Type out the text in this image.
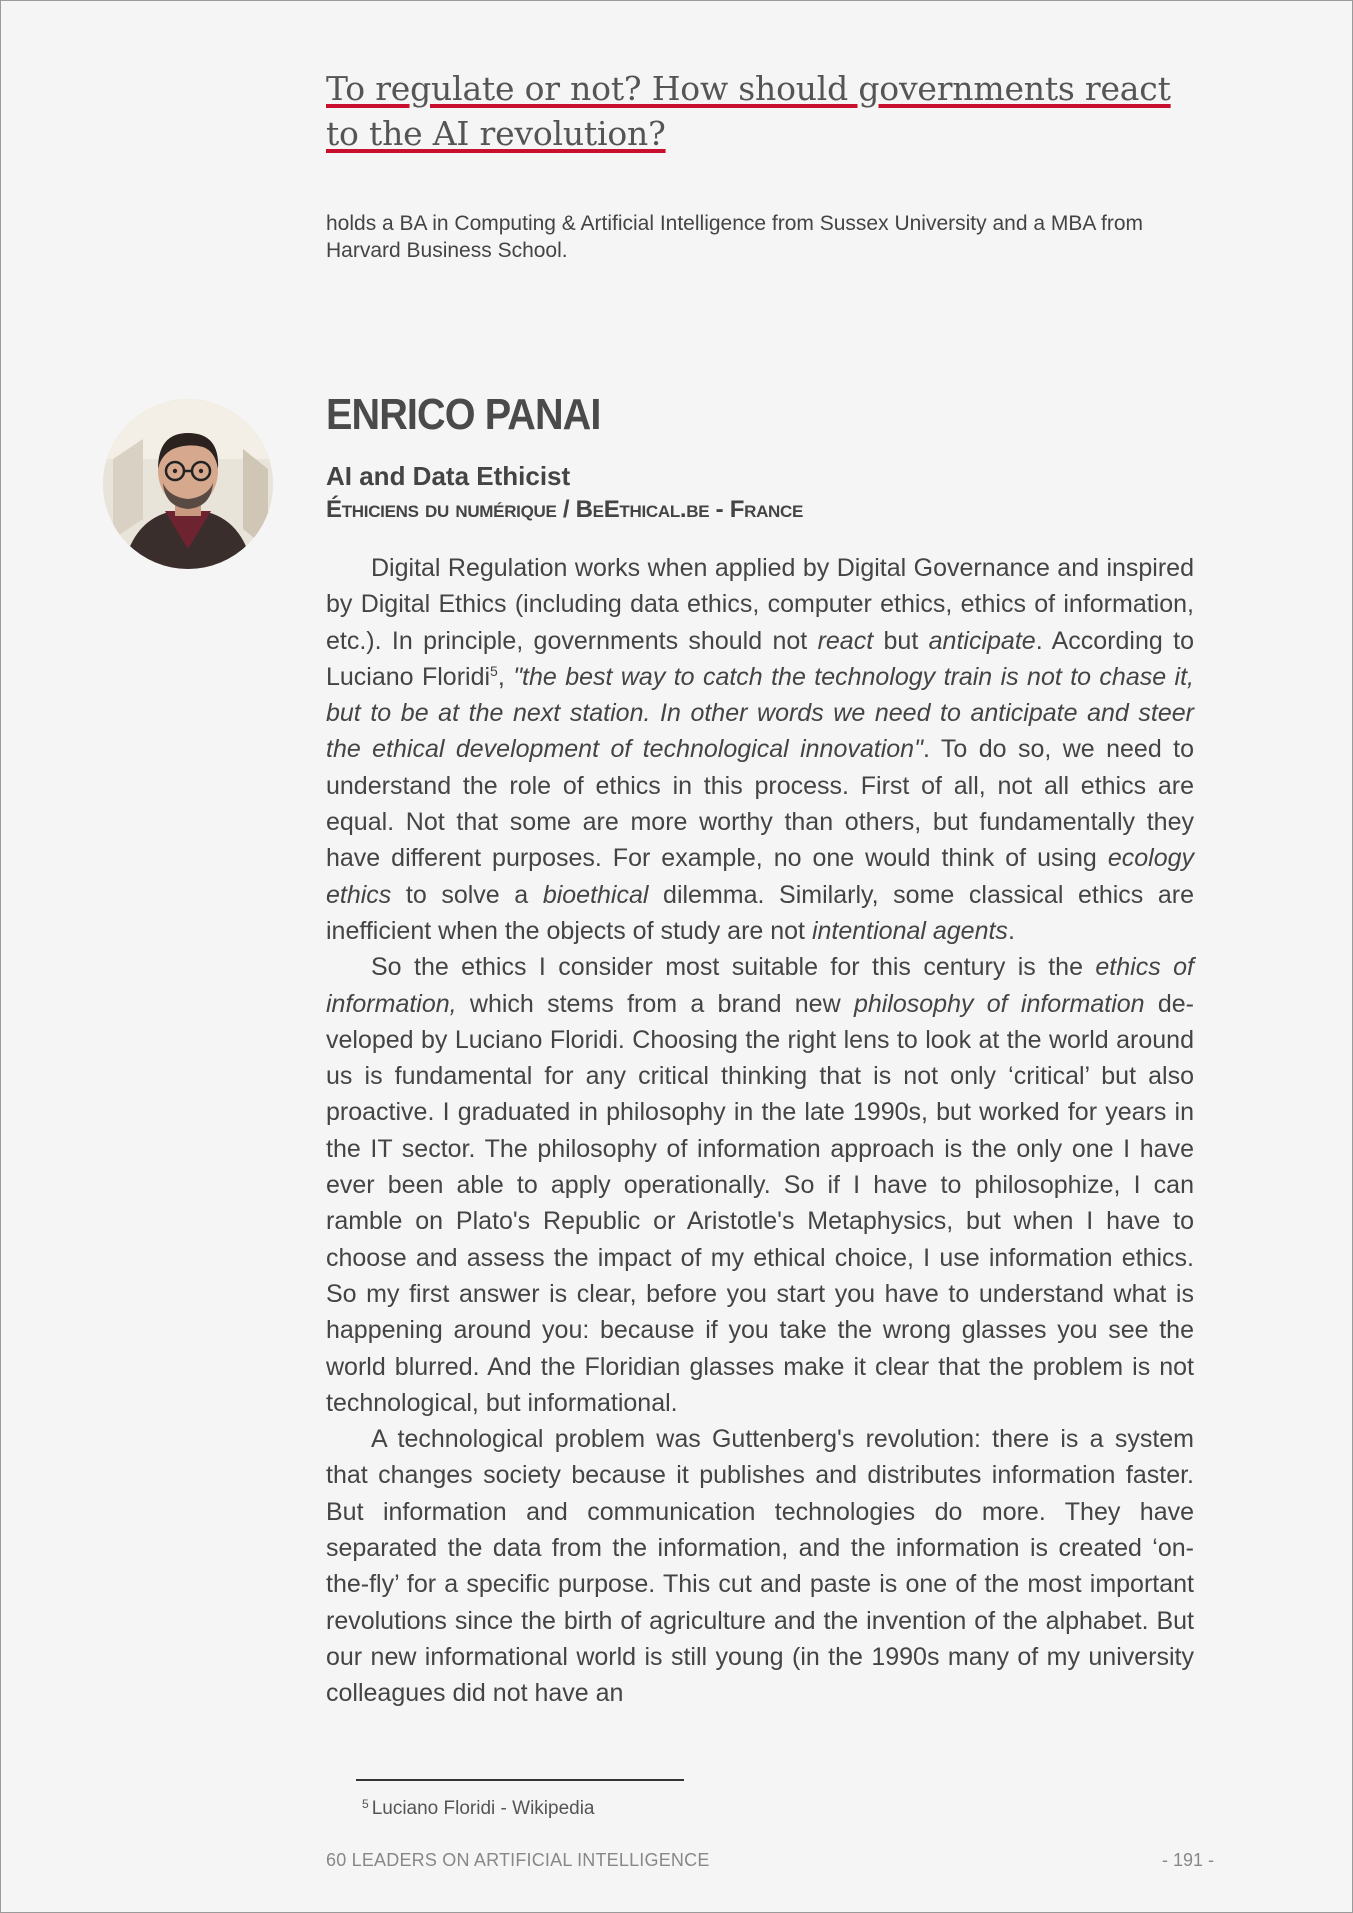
To regulate or not? How should governments react to the AI revolution?

holds a BA in Computing & Artificial Intelligence from Sussex University and a MBA from Harvard Business School.

ENRICO PANAI
AI and Data Ethicist
Éthiciens du numérique / BeEthical.be - France

Digital Regulation works when applied by Digital Governance and inspired by Digital Ethics (including data ethics, computer ethics, ethics of information, etc.). In principle, governments should not react but anticipate. According to Luciano Floridi$^5$, "the best way to catch the technology train is not to chase it, but to be at the next station. In other words we need to anticipate and steer the ethical development of technological innovation". To do so, we need to understand the role of ethics in this process. First of all, not all ethics are equal. Not that some are more worthy than others, but fundamentally they have different purposes. For example, no one would think of using ecology ethics to solve a bioethical dilemma. Similarly, some classical ethics are inefficient when the objects of study are not intentional agents.

So the ethics I consider most suitable for this century is the ethics of information, which stems from a brand new philosophy of information developed by Luciano Floridi. Choosing the right lens to look at the world around us is fundamental for any critical thinking that is not only ‘critical’ but also proactive. I graduated in philosophy in the late 1990s, but worked for years in the IT sector. The philosophy of information approach is the only one I have ever been able to apply operationally. So if I have to philosophize, I can ramble on Plato's Republic or Aristotle's Metaphysics, but when I have to choose and assess the impact of my ethical choice, I use information ethics. So my first answer is clear, before you start you have to understand what is happening around you: because if you take the wrong glasses you see the world blurred. And the Floridian glasses make it clear that the problem is not technological, but informational.

A technological problem was Guttenberg's revolution: there is a system that changes society because it publishes and distributes information faster. But information and communication technologies do more. They have separated the data from the information, and the information is created ‘on-the-fly’ for a specific purpose. This cut and paste is one of the most important revolutions since the birth of agriculture and the invention of the alphabet. But our new informational world is still young (in the 1990s many of my university colleagues did not have an

$^5$ Luciano Floridi - Wikipedia
60 LEADERS ON ARTIFICIAL INTELLIGENCE	- 191 -
